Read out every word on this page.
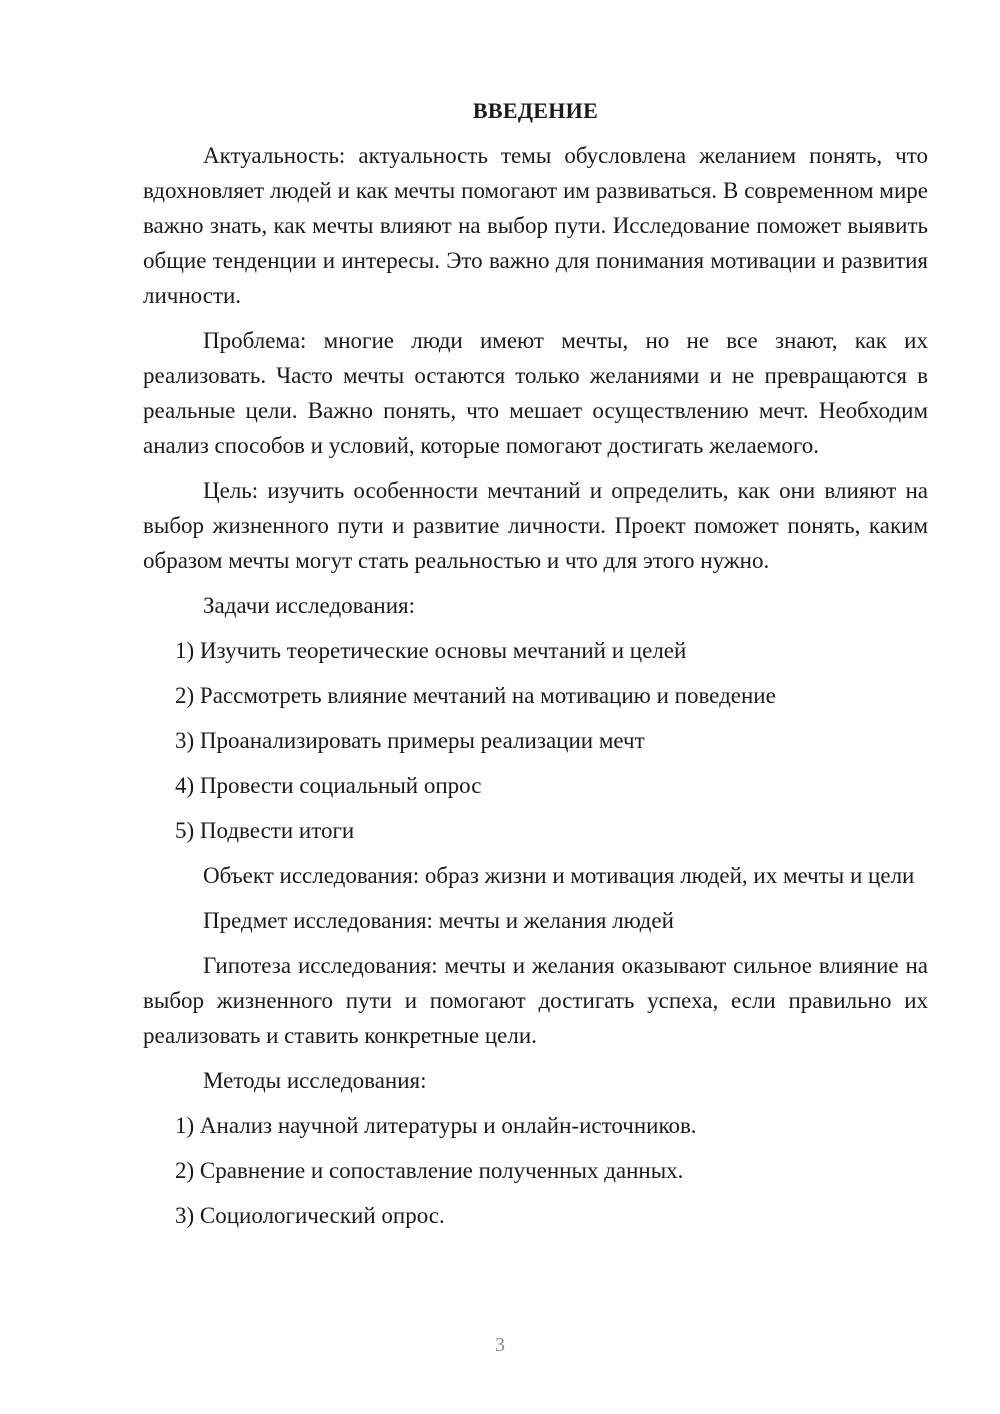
ВВЕДЕНИЕ

Актуальность: актуальность темы обусловлена желанием понять, что вдохновляет людей и как мечты помогают им развиваться. В современном мире важно знать, как мечты влияют на выбор пути. Исследование поможет выявить общие тенденции и интересы. Это важно для понимания мотивации и развития личности.

Проблема: многие люди имеют мечты, но не все знают, как их реализовать. Часто мечты остаются только желаниями и не превращаются в реальные цели. Важно понять, что мешает осуществлению мечт. Необходим анализ способов и условий, которые помогают достигать желаемого.

Цель: изучить особенности мечтаний и определить, как они влияют на выбор жизненного пути и развитие личности. Проект поможет понять, каким образом мечты могут стать реальностью и что для этого нужно.

Задачи исследования:

1) Изучить теоретические основы мечтаний и целей

2) Рассмотреть влияние мечтаний на мотивацию и поведение

3) Проанализировать примеры реализации мечт

4) Провести социальный опрос

5) Подвести итоги

Объект исследования: образ жизни и мотивация людей, их мечты и цели

Предмет исследования: мечты и желания людей

Гипотеза исследования: мечты и желания оказывают сильное влияние на выбор жизненного пути и помогают достигать успеха, если правильно их реализовать и ставить конкретные цели.

Методы исследования:

1) Анализ научной литературы и онлайн-источников.

2) Сравнение и сопоставление полученных данных.

3) Социологический опрос.

3
